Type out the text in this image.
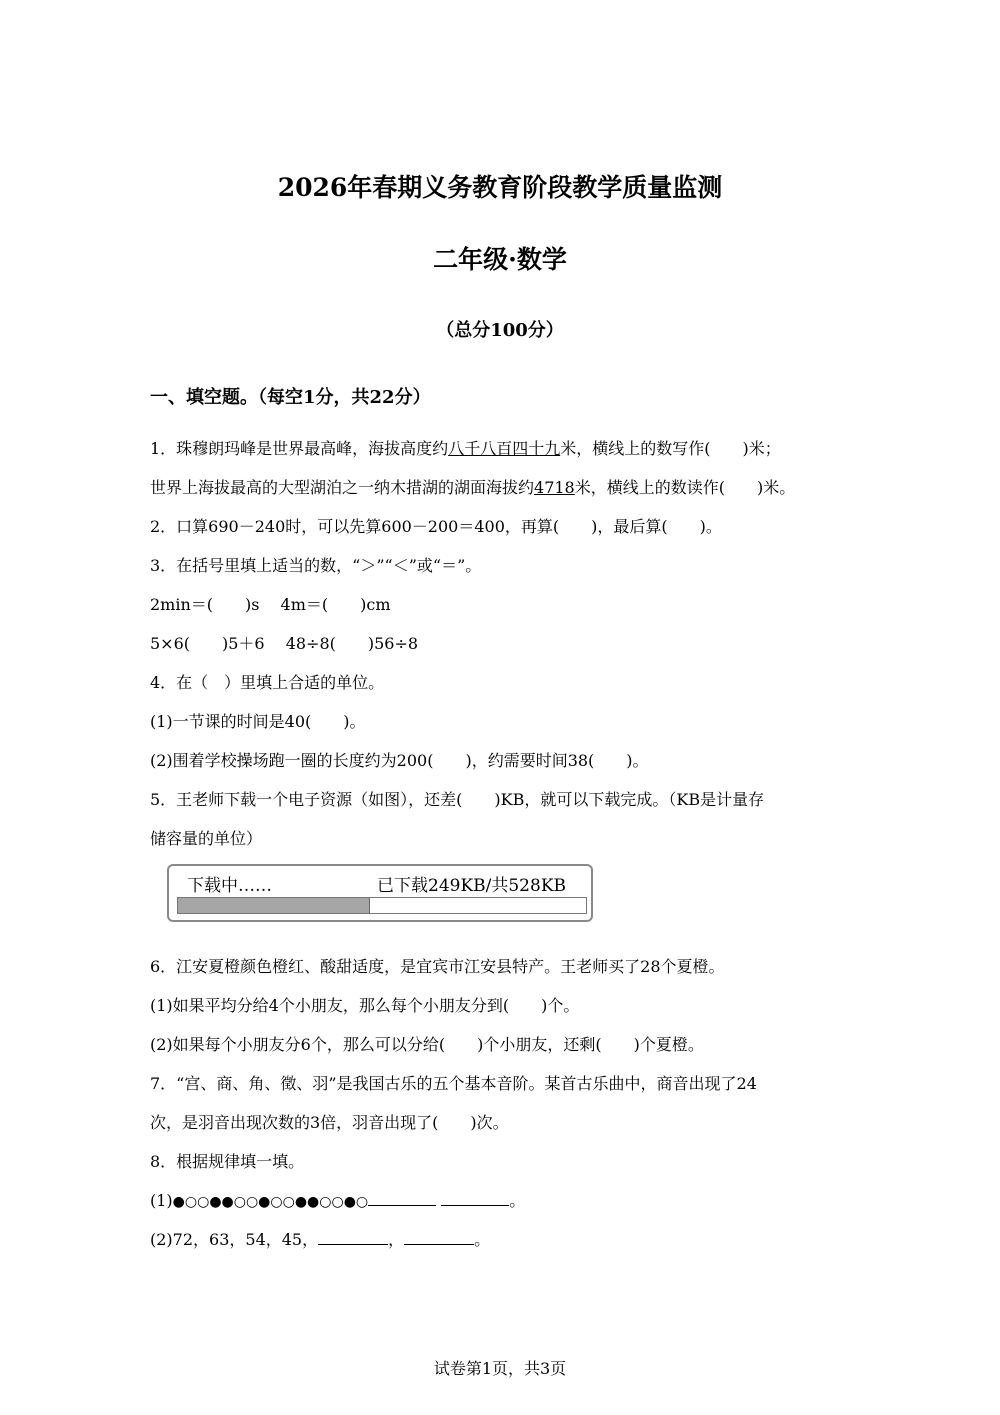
2026年春期义务教育阶段教学质量监测
二年级·数学
（总分100分）
一、填空题。（每空1分，共22分）
1．珠穆朗玛峰是世界最高峰，海拔高度约八千八百四十九米，横线上的数写作(　　)米；
世界上海拔最高的大型湖泊之一纳木措湖的湖面海拔约4718米，横线上的数读作(　　)米。
2．口算690－240时，可以先算600－200＝400，再算(　　)，最后算(　　)。
3．在括号里填上适当的数，“＞”“＜”或“＝”。
2min＝(　　)s　 4m＝(　　)cm
5×6(　　)5＋6　 48÷8(　　)56÷8
4．在（　）里填上合适的单位。
(1)一节课的时间是40(　　)。
(2)围着学校操场跑一圈的长度约为200(　　)，约需要时间38(　　)。
5．王老师下载一个电子资源（如图），还差(　　)KB，就可以下载完成。（KB是计量存
储容量的单位）
下载中……	已下载249KB/共528KB
6．江安夏橙颜色橙红、酸甜适度，是宜宾市江安县特产。王老师买了28个夏橙。
(1)如果平均分给4个小朋友，那么每个小朋友分到(　　)个。
(2)如果每个小朋友分6个，那么可以分给(　　)个小朋友，还剩(　　)个夏橙。
7．“宫、商、角、徵、羽”是我国古乐的五个基本音阶。某首古乐曲中，商音出现了24
次，是羽音出现次数的3倍，羽音出现了(　　)次。
8．根据规律填一填。
(1)●○○●●○○●○○●●○○●○	。
(2)72，63，54，45，	，	。
试卷第1页，共3页
